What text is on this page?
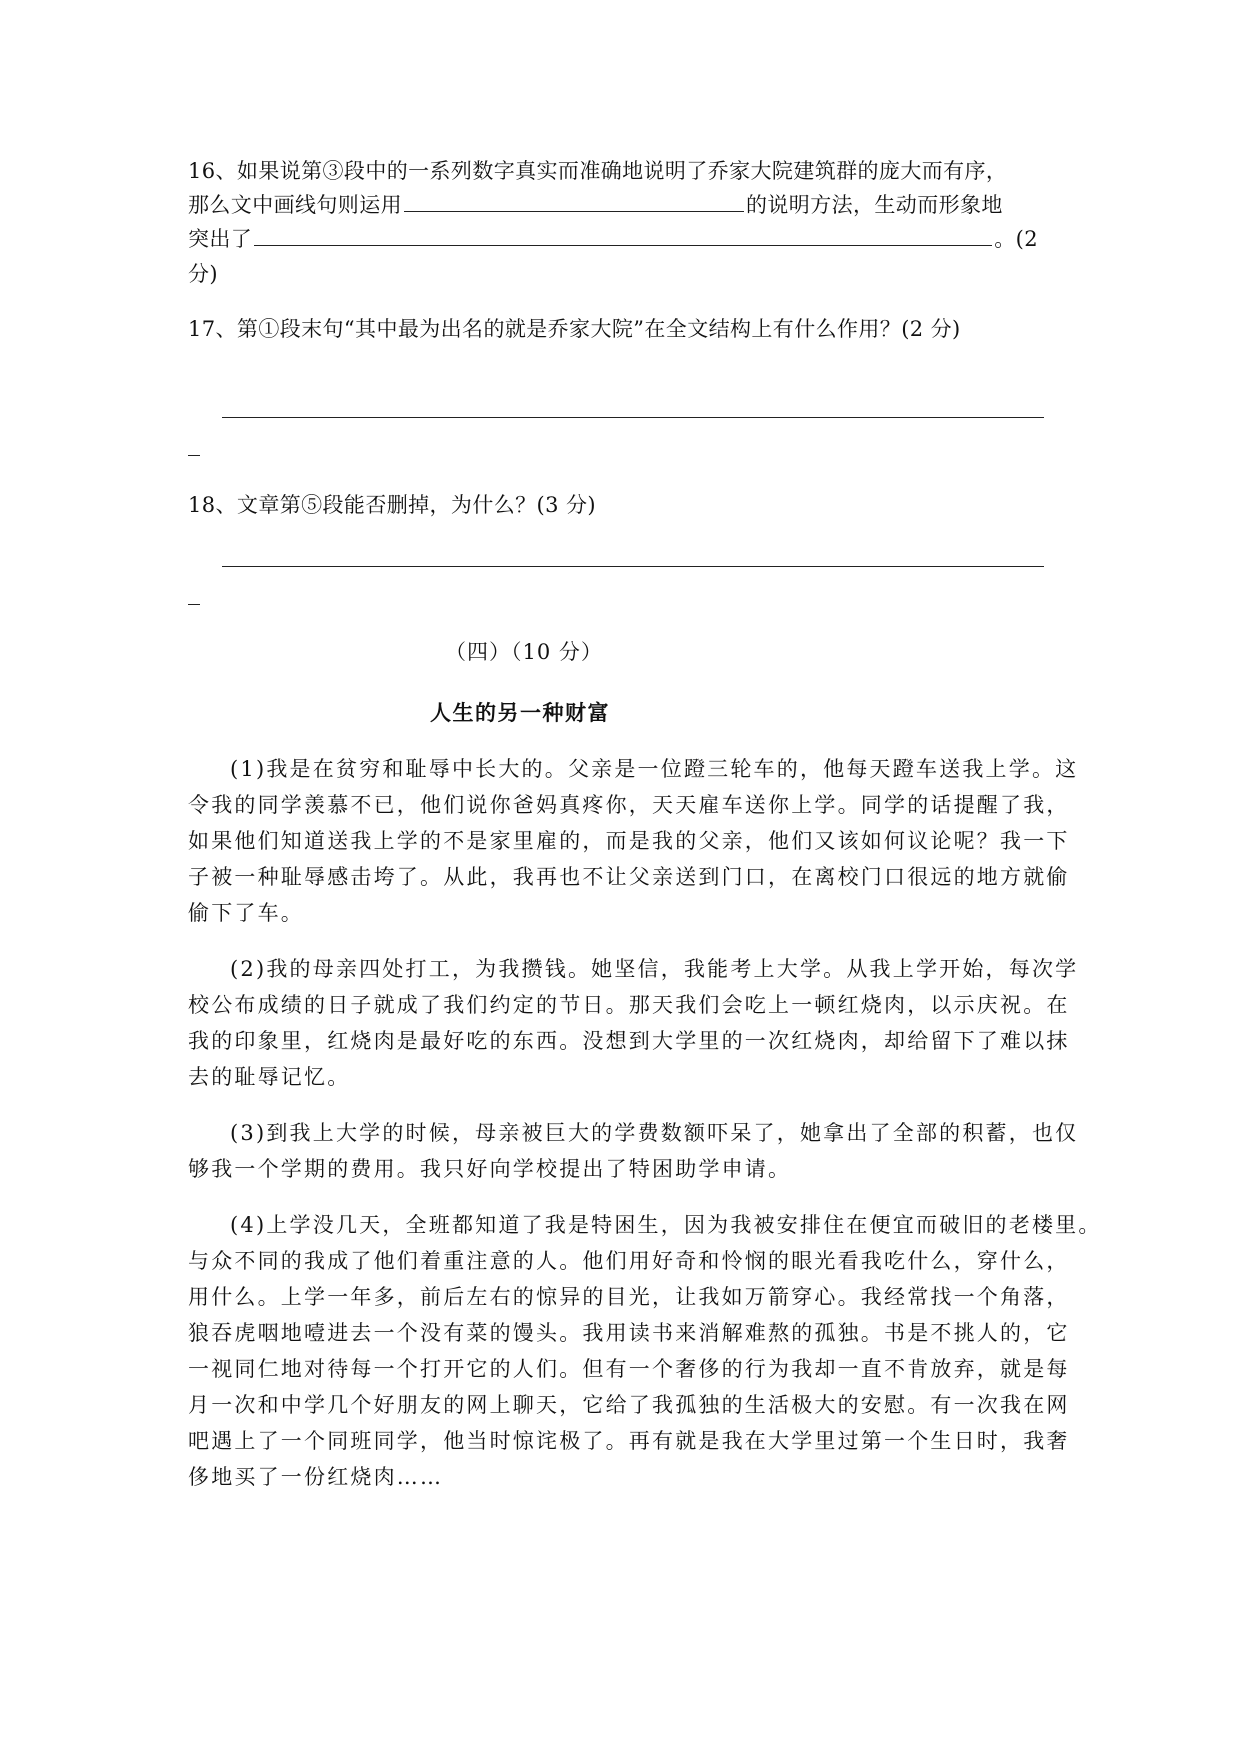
16、如果说第③段中的一系列数字真实而准确地说明了乔家大院建筑群的庞大而有序，
那么文中画线句则运用	的说明方法，生动而形象地
突出了	。(2
分)
17、第①段末句“其中最为出名的就是乔家大院”在全文结构上有什么作用？(2 分)
18、文章第⑤段能否删掉，为什么？(3 分)
（四）（10 分）
人生的另一种财富
(1)我是在贫穷和耻辱中长大的。父亲是一位蹬三轮车的，他每天蹬车送我上学。这
令我的同学羡慕不已，他们说你爸妈真疼你，天天雇车送你上学。同学的话提醒了我，
如果他们知道送我上学的不是家里雇的，而是我的父亲，他们又该如何议论呢？我一下
子被一种耻辱感击垮了。从此，我再也不让父亲送到门口，在离校门口很远的地方就偷
偷下了车。
(2)我的母亲四处打工，为我攒钱。她坚信，我能考上大学。从我上学开始，每次学
校公布成绩的日子就成了我们约定的节日。那天我们会吃上一顿红烧肉，以示庆祝。在
我的印象里，红烧肉是最好吃的东西。没想到大学里的一次红烧肉，却给留下了难以抹
去的耻辱记忆。
(3)到我上大学的时候，母亲被巨大的学费数额吓呆了，她拿出了全部的积蓄，也仅
够我一个学期的费用。我只好向学校提出了特困助学申请。
(4)上学没几天，全班都知道了我是特困生，因为我被安排住在便宜而破旧的老楼里。
与众不同的我成了他们着重注意的人。他们用好奇和怜悯的眼光看我吃什么，穿什么，
用什么。上学一年多，前后左右的惊异的目光，让我如万箭穿心。我经常找一个角落，
狼吞虎咽地噎进去一个没有菜的馒头。我用读书来消解难熬的孤独。书是不挑人的，它
一视同仁地对待每一个打开它的人们。但有一个奢侈的行为我却一直不肯放弃，就是每
月一次和中学几个好朋友的网上聊天，它给了我孤独的生活极大的安慰。有一次我在网
吧遇上了一个同班同学，他当时惊诧极了。再有就是我在大学里过第一个生日时，我奢
侈地买了一份红烧肉……
